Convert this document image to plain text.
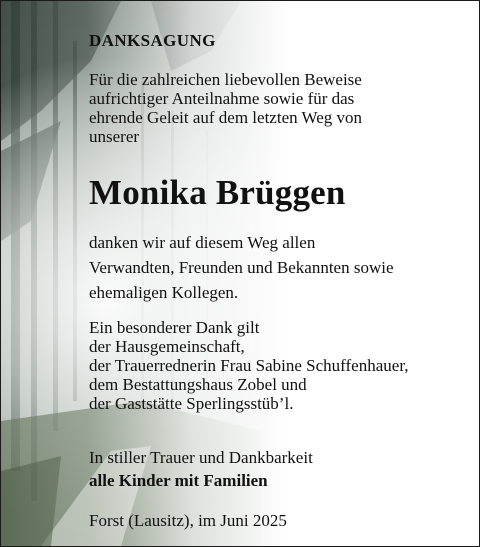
DANKSAGUNG

Für die zahlreichen liebevollen Beweise
aufrichtiger Anteilnahme sowie für das
ehrende Geleit auf dem letzten Weg von
unserer

Monika Brüggen

danken wir auf diesem Weg allen
Verwandten, Freunden und Bekannten sowie
ehemaligen Kollegen.
Ein besonderer Dank gilt
der Hausgemeinschaft,
der Trauerrednerin Frau Sabine Schuffenhauer,
dem Bestattungshaus Zobel und
der Gaststätte Sperlingsstüb’l.

In stiller Trauer und Dankbarkeit

alle Kinder mit Familien

Forst (Lausitz), im Juni 2025
